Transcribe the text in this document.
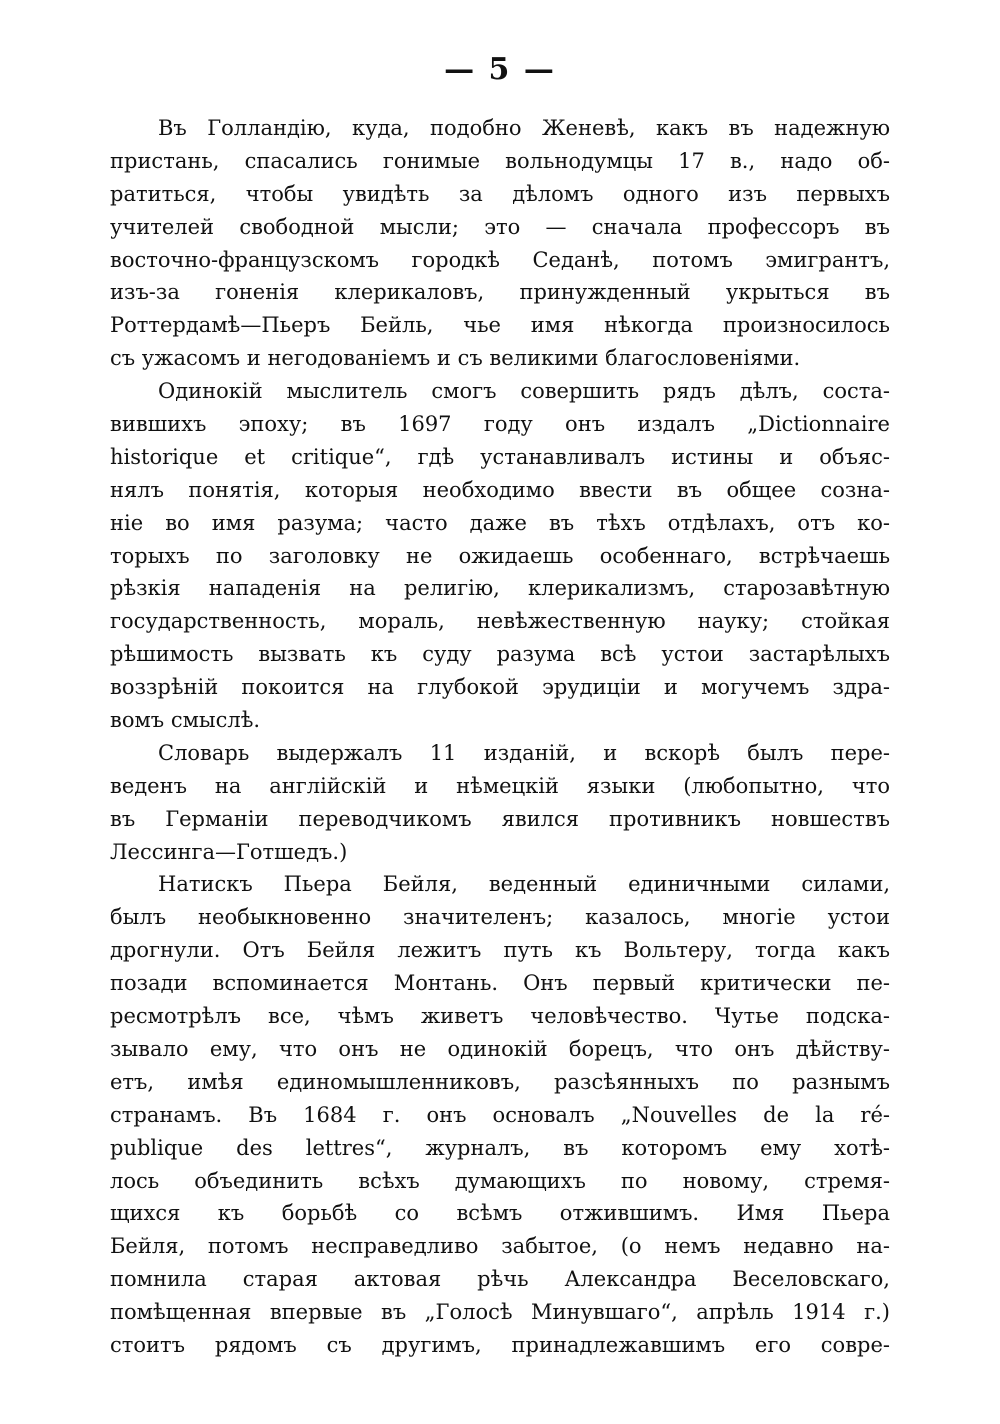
— 5 —
Въ Голландію, куда, подобно Женевѣ, какъ въ надежную
пристань, спасались гонимые вольнодумцы 17 в., надо об-
ратиться, чтобы увидѣть за дѣломъ одного изъ первыхъ
учителей свободной мысли; это — сначала профессоръ въ
восточно-французскомъ городкѣ Седанѣ, потомъ эмигрантъ,
изъ-за гоненія клерикаловъ, принужденный укрыться въ
Роттердамѣ—Пьеръ Бейль, чье имя нѣкогда произносилось
съ ужасомъ и негодованіемъ и съ великими благословеніями.
Одинокій мыслитель смогъ совершить рядъ дѣлъ, соста-
вившихъ эпоху; въ 1697 году онъ издалъ „Dictionnaire
historique et critique“, гдѣ устанавливалъ истины и объяс-
нялъ понятія, которыя необходимо ввести въ общее созна-
ніе во имя разума; часто даже въ тѣхъ отдѣлахъ, отъ ко-
торыхъ по заголовку не ожидаешь особеннаго, встрѣчаешь
рѣзкія нападенія на религію, клерикализмъ, старозавѣтную
государственность, мораль, невѣжественную науку; стойкая
рѣшимость вызвать къ суду разума всѣ устои застарѣлыхъ
воззрѣній покоится на глубокой эрудиціи и могучемъ здра-
вомъ смыслѣ.
Словарь выдержалъ 11 изданій, и вскорѣ былъ пере-
веденъ на англійскій и нѣмецкій языки (любопытно, что
въ Германіи переводчикомъ явился противникъ новшествъ
Лессинга—Готшедъ.)
Натискъ Пьера Бейля, веденный единичными силами,
былъ необыкновенно значителенъ; казалось, многіе устои
дрогнули. Отъ Бейля лежитъ путь къ Вольтеру, тогда какъ
позади вспоминается Монтань. Онъ первый критически пе-
ресмотрѣлъ все, чѣмъ живетъ человѣчество. Чутье подска-
зывало ему, что онъ не одинокій борецъ, что онъ дѣйству-
етъ, имѣя единомышленниковъ, разсѣянныхъ по разнымъ
странамъ. Въ 1684 г. онъ основалъ „Nouvelles de la ré-
publique des lettres“, журналъ, въ которомъ ему хотѣ-
лось объединить всѣхъ думающихъ по новому, стремя-
щихся къ борьбѣ со всѣмъ отжившимъ. Имя Пьера
Бейля, потомъ несправедливо забытое, (о немъ недавно на-
помнила старая актовая рѣчь Александра Веселовскаго,
помѣщенная впервые въ „Голосѣ Минувшаго“, апрѣль 1914 г.)
стоитъ рядомъ съ другимъ, принадлежавшимъ его совре-
